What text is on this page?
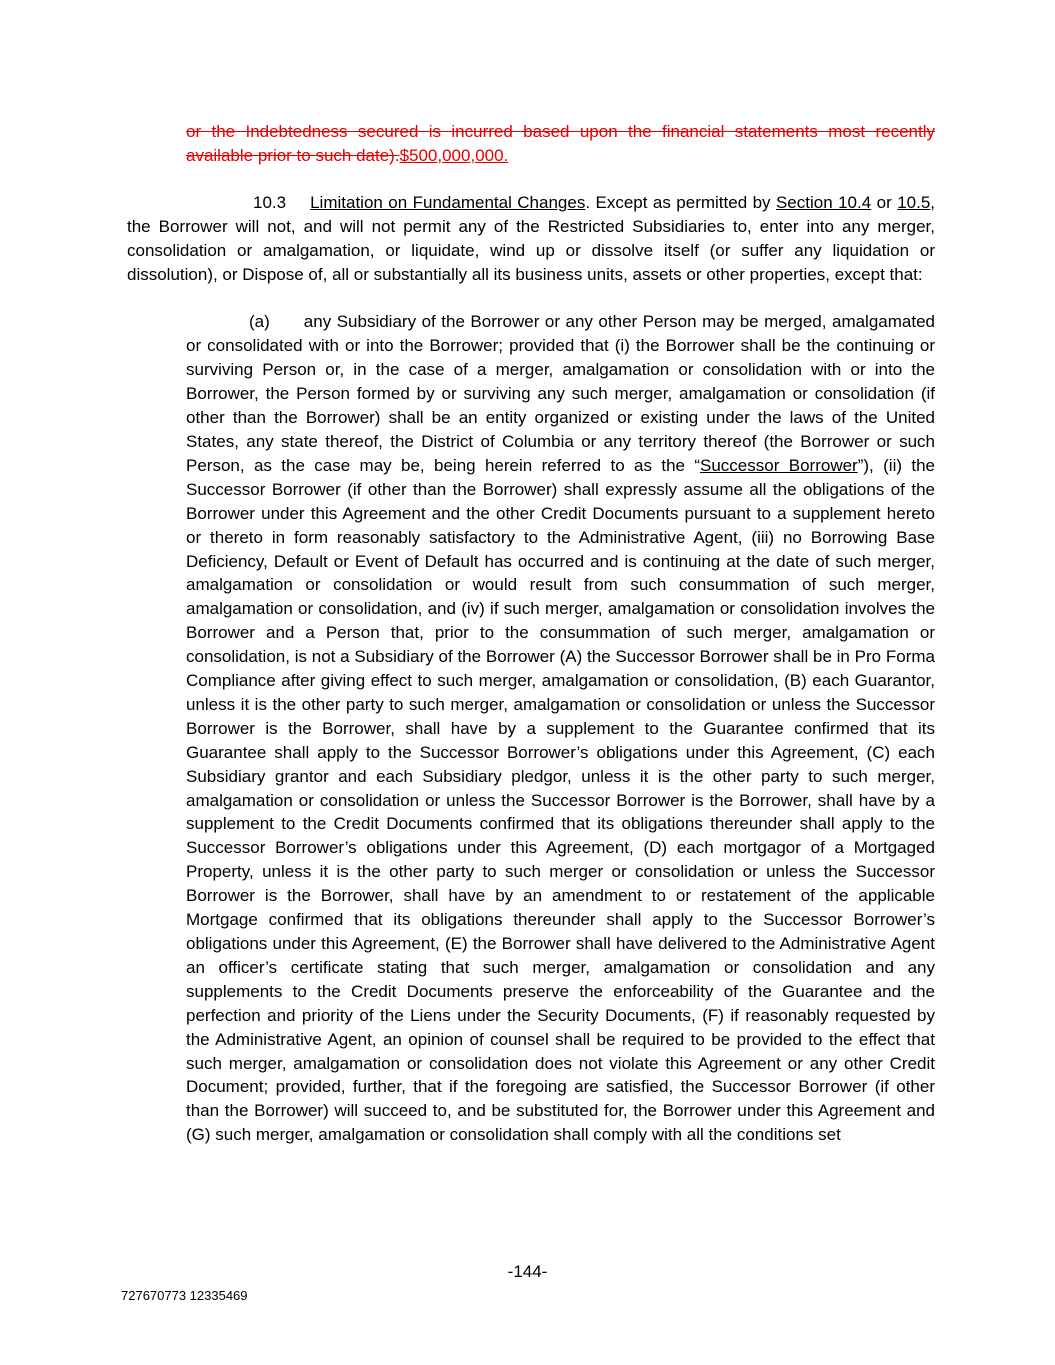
or the Indebtedness secured is incurred based upon the financial statements most recently available prior to such date).$500,000,000.
10.3 Limitation on Fundamental Changes. Except as permitted by Section 10.4 or 10.5, the Borrower will not, and will not permit any of the Restricted Subsidiaries to, enter into any merger, consolidation or amalgamation, or liquidate, wind up or dissolve itself (or suffer any liquidation or dissolution), or Dispose of, all or substantially all its business units, assets or other properties, except that:
(a) any Subsidiary of the Borrower or any other Person may be merged, amalgamated or consolidated with or into the Borrower; provided that (i) the Borrower shall be the continuing or surviving Person or, in the case of a merger, amalgamation or consolidation with or into the Borrower, the Person formed by or surviving any such merger, amalgamation or consolidation (if other than the Borrower) shall be an entity organized or existing under the laws of the United States, any state thereof, the District of Columbia or any territory thereof (the Borrower or such Person, as the case may be, being herein referred to as the “Successor Borrower”), (ii) the Successor Borrower (if other than the Borrower) shall expressly assume all the obligations of the Borrower under this Agreement and the other Credit Documents pursuant to a supplement hereto or thereto in form reasonably satisfactory to the Administrative Agent, (iii) no Borrowing Base Deficiency, Default or Event of Default has occurred and is continuing at the date of such merger, amalgamation or consolidation or would result from such consummation of such merger, amalgamation or consolidation, and (iv) if such merger, amalgamation or consolidation involves the Borrower and a Person that, prior to the consummation of such merger, amalgamation or consolidation, is not a Subsidiary of the Borrower (A) the Successor Borrower shall be in Pro Forma Compliance after giving effect to such merger, amalgamation or consolidation, (B) each Guarantor, unless it is the other party to such merger, amalgamation or consolidation or unless the Successor Borrower is the Borrower, shall have by a supplement to the Guarantee confirmed that its Guarantee shall apply to the Successor Borrower’s obligations under this Agreement, (C) each Subsidiary grantor and each Subsidiary pledgor, unless it is the other party to such merger, amalgamation or consolidation or unless the Successor Borrower is the Borrower, shall have by a supplement to the Credit Documents confirmed that its obligations thereunder shall apply to the Successor Borrower’s obligations under this Agreement, (D) each mortgagor of a Mortgaged Property, unless it is the other party to such merger or consolidation or unless the Successor Borrower is the Borrower, shall have by an amendment to or restatement of the applicable Mortgage confirmed that its obligations thereunder shall apply to the Successor Borrower’s obligations under this Agreement, (E) the Borrower shall have delivered to the Administrative Agent an officer’s certificate stating that such merger, amalgamation or consolidation and any supplements to the Credit Documents preserve the enforceability of the Guarantee and the perfection and priority of the Liens under the Security Documents, (F) if reasonably requested by the Administrative Agent, an opinion of counsel shall be required to be provided to the effect that such merger, amalgamation or consolidation does not violate this Agreement or any other Credit Document; provided, further, that if the foregoing are satisfied, the Successor Borrower (if other than the Borrower) will succeed to, and be substituted for, the Borrower under this Agreement and (G) such merger, amalgamation or consolidation shall comply with all the conditions set
-144-
727670773 12335469
